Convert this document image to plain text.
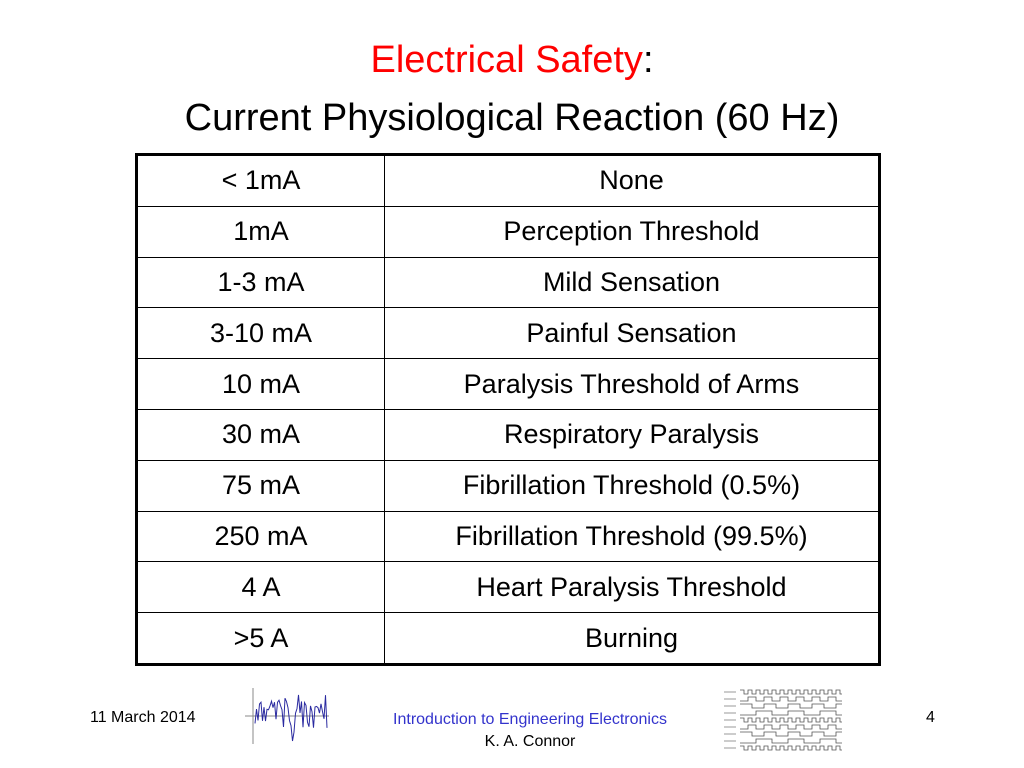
Electrical Safety:
Current Physiological Reaction (60 Hz)
< 1mA	None
1mA	Perception Threshold
1-3 mA	Mild Sensation
3-10 mA	Painful Sensation
10 mA	Paralysis Threshold of Arms
30 mA	Respiratory Paralysis
75 mA	Fibrillation Threshold (0.5%)
250 mA	Fibrillation Threshold (99.5%)
4 A	Heart Paralysis Threshold
>5 A	Burning
11 March 2014	Introduction to Engineering Electronics
K. A. Connor
4
